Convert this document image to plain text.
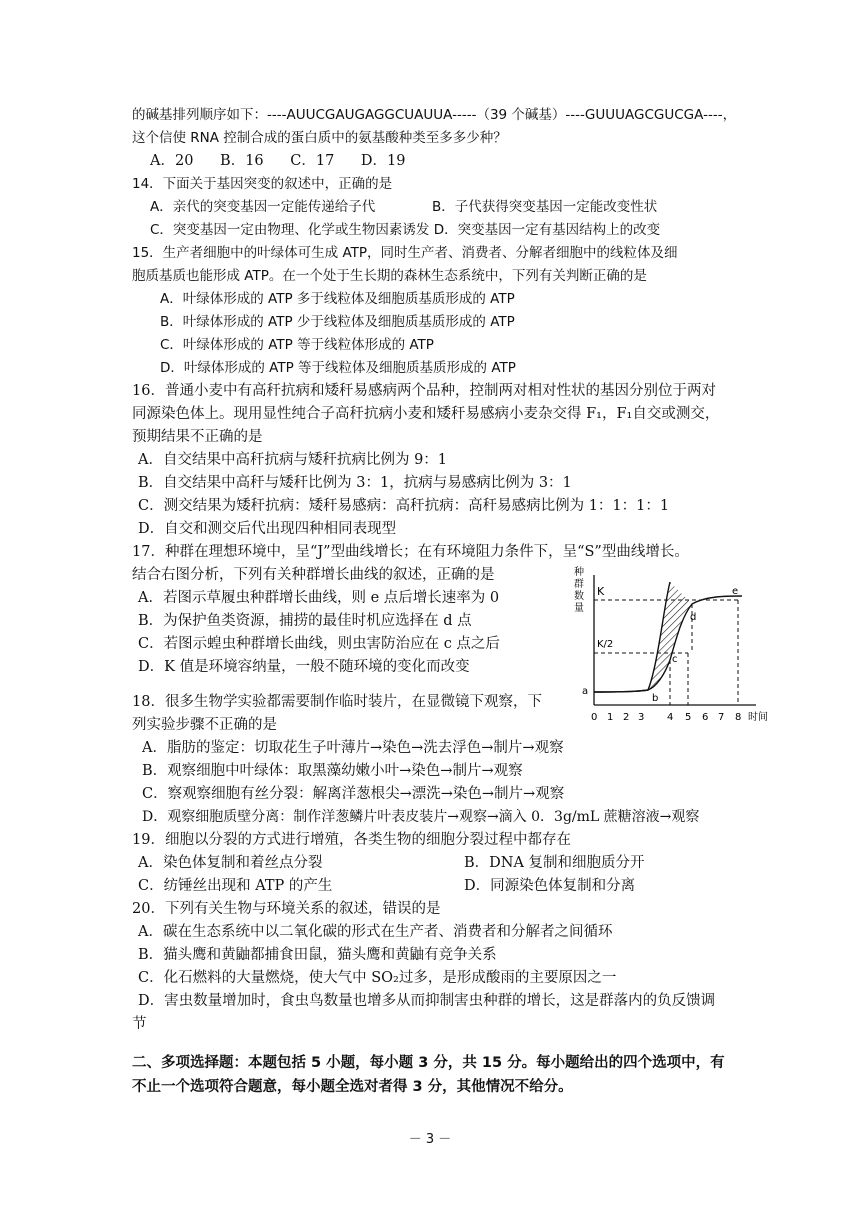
的碱基排列顺序如下：----AUUCGAUGAGGCUAUUA-----（39 个碱基）----GUUUAGCGUCGA----，
这个信使 RNA 控制合成的蛋白质中的氨基酸种类至多多少种？
A．20 B．16 C．17 D．19
14．下面关于基因突变的叙述中，正确的是
A．亲代的突变基因一定能传递给子代	B．子代获得突变基因一定能改变性状
C．突变基因一定由物理、化学或生物因素诱发 D．突变基因一定有基因结构上的改变
15．生产者细胞中的叶绿体可生成 ATP，同时生产者、消费者、分解者细胞中的线粒体及细
胞质基质也能形成 ATP。在一个处于生长期的森林生态系统中，下列有关判断正确的是
A．叶绿体形成的 ATP 多于线粒体及细胞质基质形成的 ATP
B．叶绿体形成的 ATP 少于线粒体及细胞质基质形成的 ATP
C．叶绿体形成的 ATP 等于线粒体形成的 ATP
D．叶绿体形成的 ATP 等于线粒体及细胞质基质形成的 ATP
16．普通小麦中有高秆抗病和矮秆易感病两个品种，控制两对相对性状的基因分别位于两对
同源染色体上。现用显性纯合子高秆抗病小麦和矮秆易感病小麦杂交得 F₁，F₁自交或测交，
预期结果不正确的是
A．自交结果中高秆抗病与矮秆抗病比例为 9：1
B．自交结果中高秆与矮秆比例为 3：1，抗病与易感病比例为 3：1
C．测交结果为矮秆抗病：矮秆易感病：高秆抗病：高秆易感病比例为 1：1：1：1
D．自交和测交后代出现四种相同表现型
17．种群在理想环境中，呈“J”型曲线增长；在有环境阻力条件下，呈“S”型曲线增长。
结合右图分析，下列有关种群增长曲线的叙述，正确的是
A．若图示草履虫种群增长曲线，则 e 点后增长速率为 0
B．为保护鱼类资源，捕捞的最佳时机应选择在 d 点
C．若图示蝗虫种群增长曲线，则虫害防治应在 c 点之后
D．K 值是环境容纳量，一般不随环境的变化而改变
种
群
数
量
K
K/2
a
b
c
d
e
0 1 2 3 4 5 6 7 8 时间
18．很多生物学实验都需要制作临时装片，在显微镜下观察，下
列实验步骤不正确的是
A．脂肪的鉴定：切取花生子叶薄片→染色→洗去浮色→制片→观察
B．观察细胞中叶绿体：取黑藻幼嫩小叶→染色→制片→观察
C．察观察细胞有丝分裂：解离洋葱根尖→漂洗→染色→制片→观察
D．观察细胞质壁分离：制作洋葱鳞片叶表皮装片→观察→滴入 0．3g/mL 蔗糖溶液→观察
19．细胞以分裂的方式进行增殖，各类生物的细胞分裂过程中都存在
A．染色体复制和着丝点分裂	B．DNA 复制和细胞质分开
C．纺锤丝出现和 ATP 的产生	D．同源染色体复制和分离
20．下列有关生物与环境关系的叙述，错误的是
A．碳在生态系统中以二氧化碳的形式在生产者、消费者和分解者之间循环
B．猫头鹰和黄鼬都捕食田鼠，猫头鹰和黄鼬有竞争关系
C．化石燃料的大量燃烧，使大气中 SO₂过多，是形成酸雨的主要原因之一
D．害虫数量增加时，食虫鸟数量也增多从而抑制害虫种群的增长，这是群落内的负反馈调
节
二、多项选择题：本题包括 5 小题，每小题 3 分，共 15 分。每小题给出的四个选项中，有
不止一个选项符合题意，每小题全选对者得 3 分，其他情况不给分。
－ 3 －
